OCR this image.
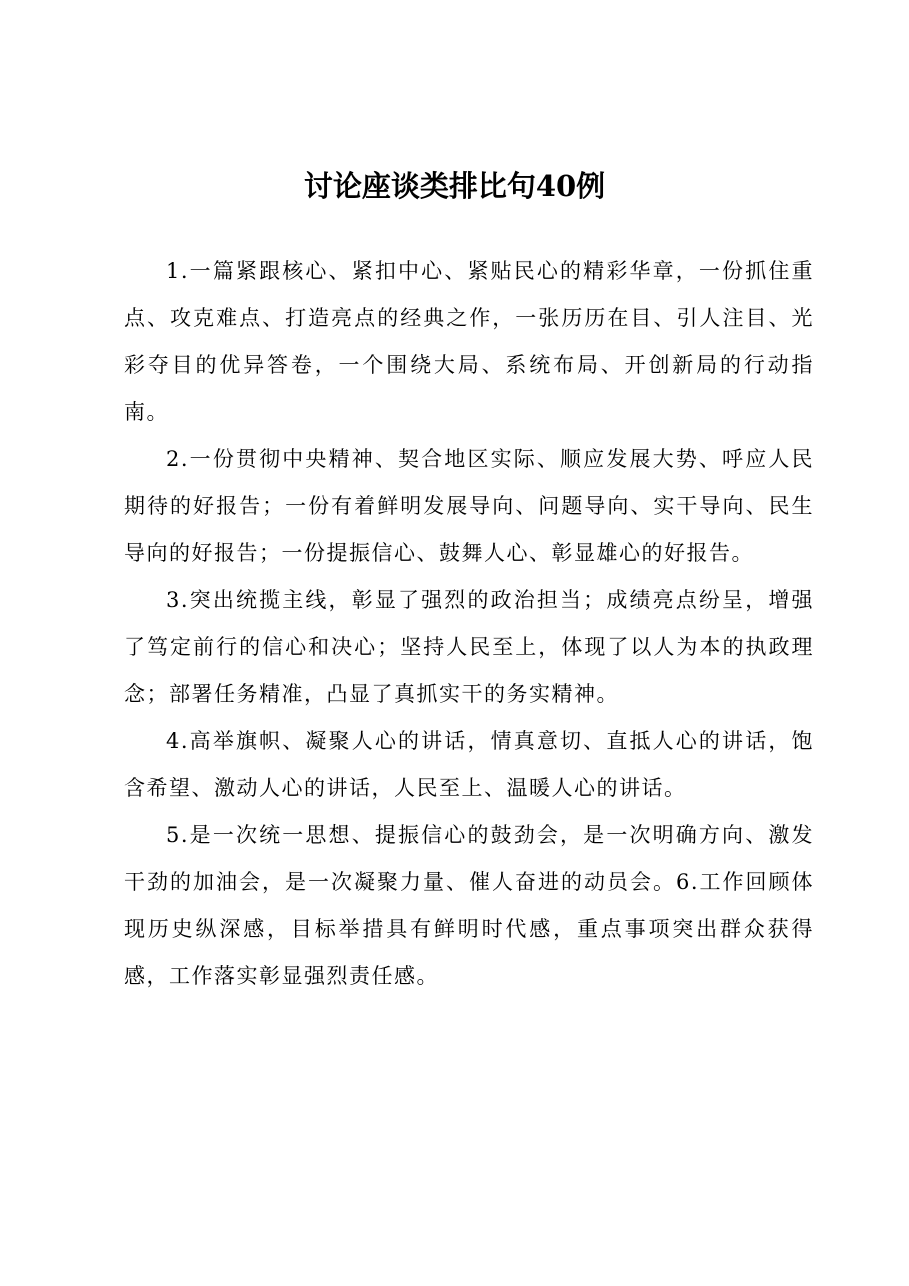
讨论座谈类排比句40例

1.一篇紧跟核心、紧扣中心、紧贴民心的精彩华章，一份抓住重点、攻克难点、打造亮点的经典之作，一张历历在目、引人注目、光彩夺目的优异答卷，一个围绕大局、系统布局、开创新局的行动指南。

2.一份贯彻中央精神、契合地区实际、顺应发展大势、呼应人民期待的好报告；一份有着鲜明发展导向、问题导向、实干导向、民生导向的好报告；一份提振信心、鼓舞人心、彰显雄心的好报告。

3.突出统揽主线，彰显了强烈的政治担当；成绩亮点纷呈，增强了笃定前行的信心和决心；坚持人民至上，体现了以人为本的执政理念；部署任务精准，凸显了真抓实干的务实精神。

4.高举旗帜、凝聚人心的讲话，情真意切、直抵人心的讲话，饱含希望、激动人心的讲话，人民至上、温暖人心的讲话。

5.是一次统一思想、提振信心的鼓劲会，是一次明确方向、激发干劲的加油会，是一次凝聚力量、催人奋进的动员会。6.工作回顾体现历史纵深感，目标举措具有鲜明时代感，重点事项突出群众获得感，工作落实彰显强烈责任感。
